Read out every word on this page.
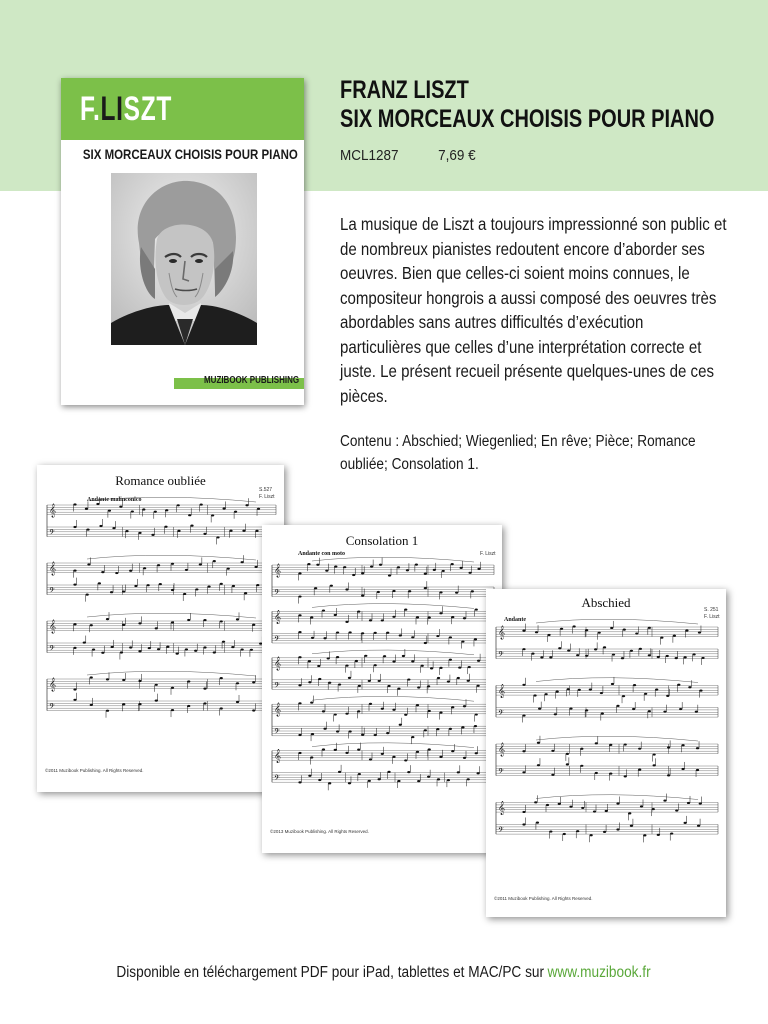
F.LISZT
SIX MORCEAUX CHOISIS POUR PIANO
MUZIBOOK PUBLISHING
FRANZ LISZT
SIX MORCEAUX CHOISIS POUR PIANO
MCL1287	7,69 €

La musique de Liszt a toujours impressionné son public et de nombreux pianistes redoutent encore d’aborder ses oeuvres. Bien que celles-ci soient moins connues, le compositeur hongrois a aussi composé des oeuvres très abordables sans autres difficultés d’exécution particulières que celles d’une interprétation correcte et juste. Le présent recueil présente quelques-unes de ces pièces.

Contenu : Abschied; Wiegenlied; En rêve; Pièce; Romance oubliée; Consolation 1.
𝄞
𝄢
𝄞
𝄢
𝄞
𝄢
𝄞
𝄢
Romance oubliée
S.527
F. Liszt
Andante malinconico
©2011 Muzibook Publishing. All Rights Reserved.
𝄞
𝄢
𝄞
𝄢
𝄞
𝄢
𝄞
𝄢
𝄞
𝄢
Consolation 1
F. Liszt
Andante con moto
©2013 Muzibook Publishing. All Rights Reserved.
𝄞
𝄢
𝄞
𝄢
𝄞
𝄢
𝄞
𝄢
Abschied	S. 251
F. Liszt
Andante
©2011 Muzibook Publishing. All Rights Reserved.
Disponible en téléchargement PDF pour iPad, tablettes et MAC/PC sur www.muzibook.fr
